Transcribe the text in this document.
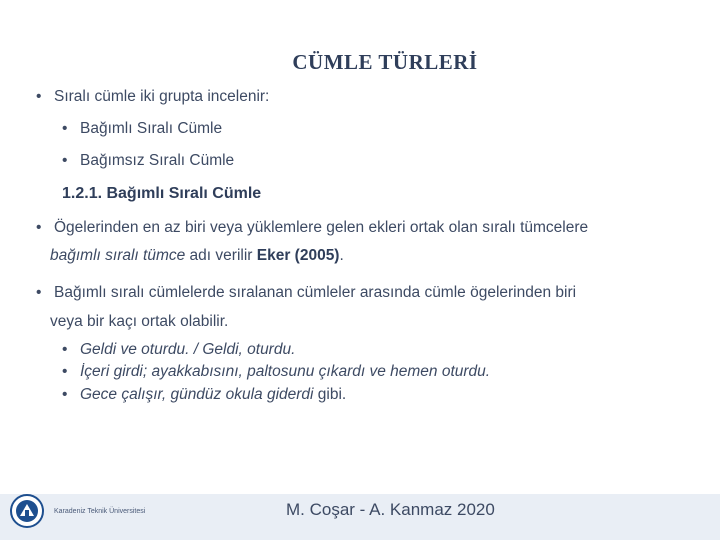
CÜMLE TÜRLERİ
• Sıralı cümle iki grupta incelenir:
• Bağımlı Sıralı Cümle
• Bağımsız Sıralı Cümle
1.2.1. Bağımlı Sıralı Cümle
• Ögelerinden en az biri veya yüklemlere gelen ekleri ortak olan sıralı tümcelere
bağımlı sıralı tümce adı verilir Eker (2005).
• Bağımlı sıralı cümlelerde sıralanan cümleler arasında cümle ögelerinden biri
veya bir kaçı ortak olabilir.
• Geldi ve oturdu. / Geldi, oturdu.
• İçeri girdi; ayakkabısını, paltosunu çıkardı ve hemen oturdu.
• Gece çalışır, gündüz okula giderdi gibi.
Karadeniz Teknik Üniversitesi	M. Coşar - A. Kanmaz 2020
